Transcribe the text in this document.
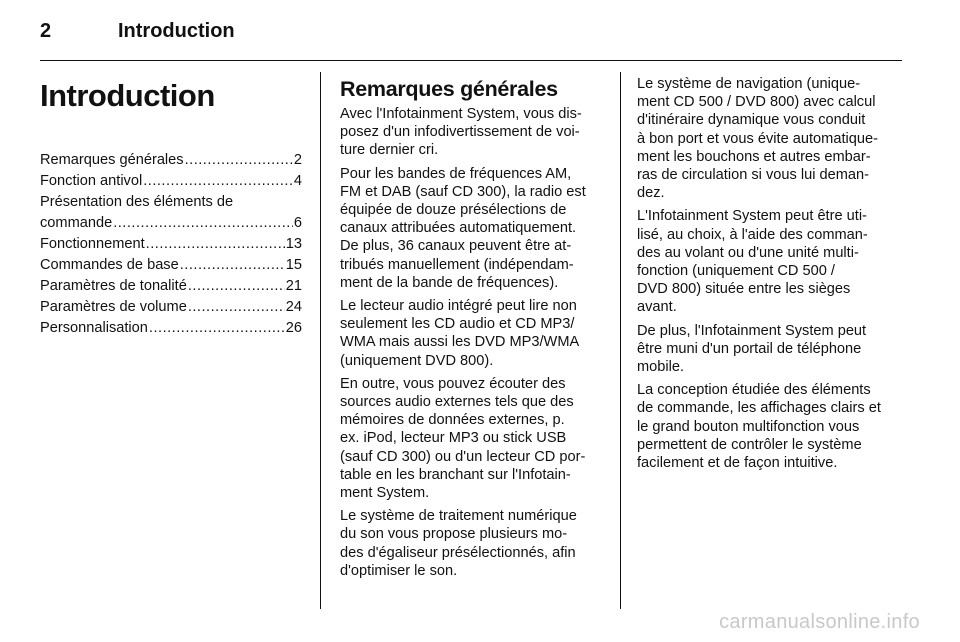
2	Introduction
Introduction
Remarques générales .....	2
Fonction antivol .....	4
Présentation des éléments de
commande .....	6
Fonctionnement .....	13
Commandes de base .....	15
Paramètres de tonalité .....	21
Paramètres de volume .....	24
Personnalisation .....	26
Remarques générales

Avec l'Infotainment System, vous dis-
posez d'un infodivertissement de voi-
ture dernier cri.

Pour les bandes de fréquences AM,
FM et DAB (sauf CD 300), la radio est
équipée de douze présélections de
canaux attribuées automatiquement.
De plus, 36 canaux peuvent être at-
tribués manuellement (indépendam-
ment de la bande de fréquences).

Le lecteur audio intégré peut lire non
seulement les CD audio et CD MP3/
WMA mais aussi les DVD MP3/WMA
(uniquement DVD 800).

En outre, vous pouvez écouter des
sources audio externes tels que des
mémoires de données externes, p.
ex. iPod, lecteur MP3 ou stick USB
(sauf CD 300) ou d'un lecteur CD por-
table en les branchant sur l'Infotain-
ment System.

Le système de traitement numérique
du son vous propose plusieurs mo-
des d'égaliseur présélectionnés, afin
d'optimiser le son.

Le système de navigation (unique-
ment CD 500 / DVD 800) avec calcul
d'itinéraire dynamique vous conduit
à bon port et vous évite automatique-
ment les bouchons et autres embar-
ras de circulation si vous lui deman-
dez.

L'Infotainment System peut être uti-
lisé, au choix, à l'aide des comman-
des au volant ou d'une unité multi-
fonction (uniquement CD 500 /
DVD 800) située entre les sièges
avant.

De plus, l'Infotainment System peut
être muni d'un portail de téléphone
mobile.

La conception étudiée des éléments
de commande, les affichages clairs et
le grand bouton multifonction vous
permettent de contrôler le système
facilement et de façon intuitive.

carmanualsonline.info
